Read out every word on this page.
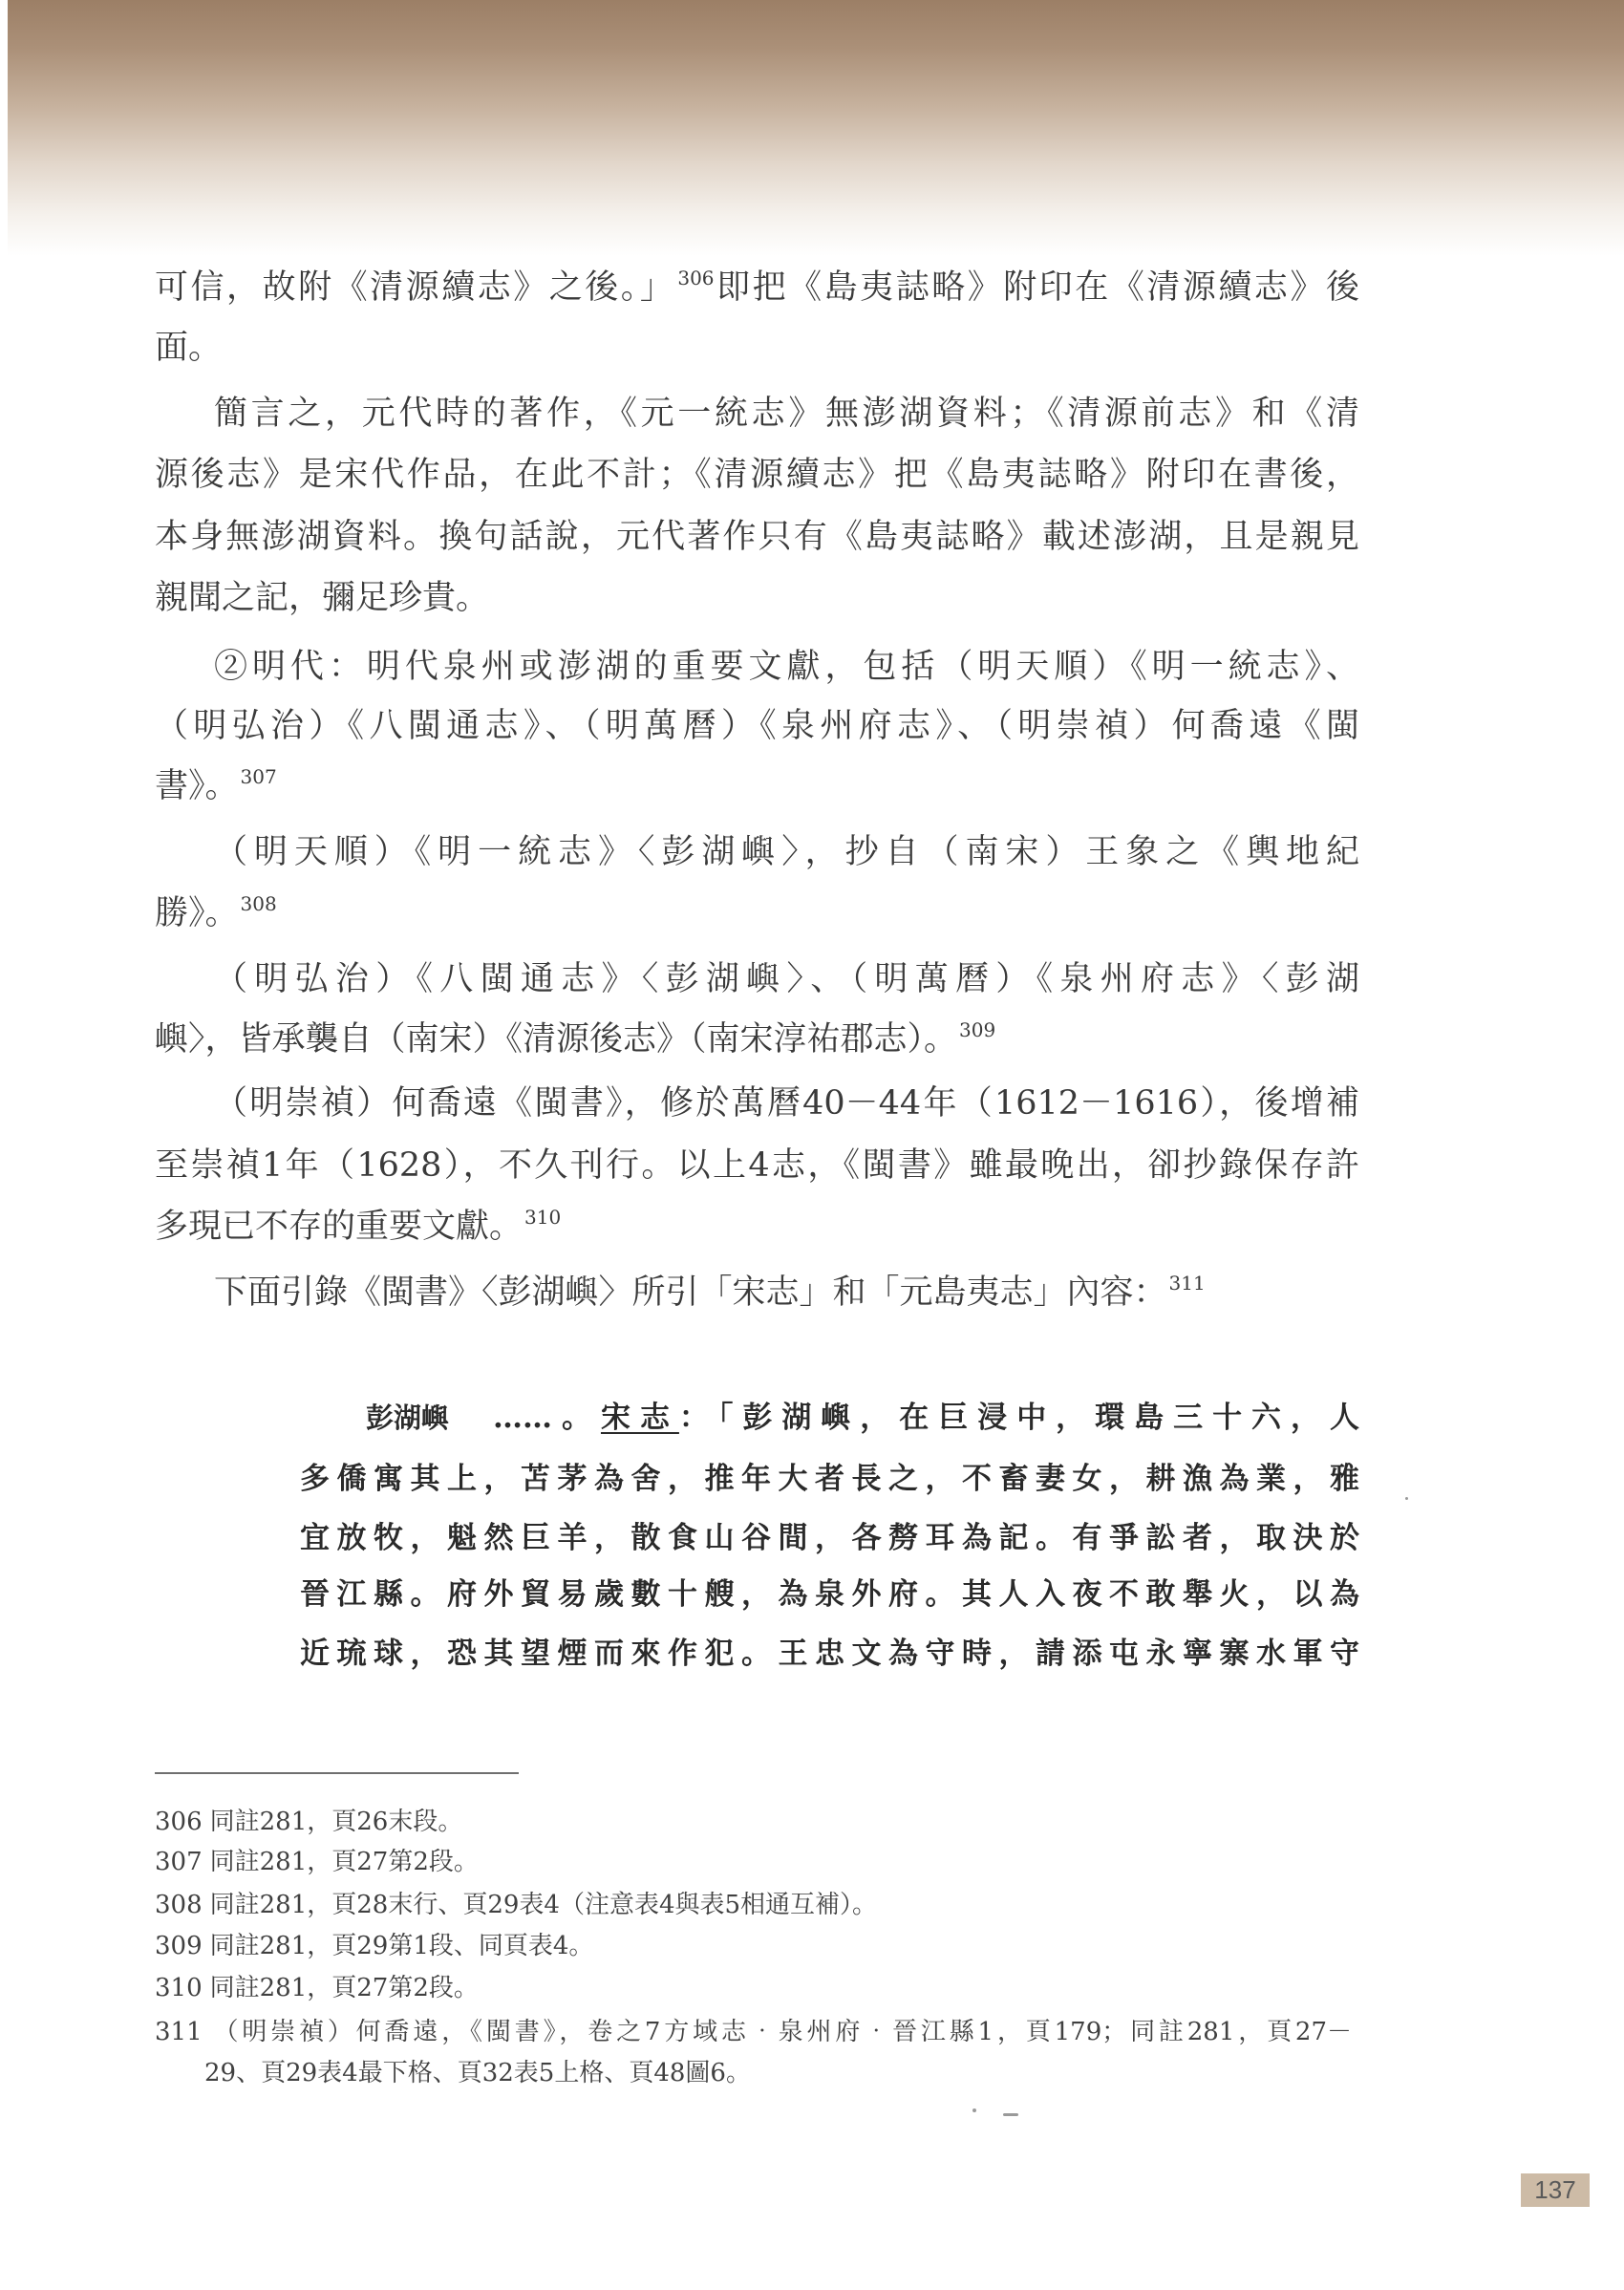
可信，故附《清源續志》之後。」 $^{306}$即把《島夷誌略》附印在《清源續志》後
面。
簡言之，元代時的著作，《元一統志》無澎湖資料；《清源前志》和《清
源後志》是宋代作品，在此不計；《清源續志》把《島夷誌略》附印在書後，
本身無澎湖資料。換句話說，元代著作只有《島夷誌略》載述澎湖，且是親見
親聞之記，彌足珍貴。
②明代：明代泉州或澎湖的重要文獻，包括（明天順）《明一統志》、
（明弘治）《八閩通志》、（明萬曆）《泉州府志》、（明崇禎）何喬遠《閩
書》。 $^{307}$
（明天順）《明一統志》〈彭湖嶼〉，抄自（南宋）王象之《輿地紀
勝》。 $^{308}$
（明弘治）《八閩通志》〈彭湖嶼〉、（明萬曆）《泉州府志》〈彭湖
嶼〉，皆承襲自（南宋）《清源後志》（南宋淳祐郡志）。 $^{309}$
（明崇禎）何喬遠《閩書》，修於萬曆40－44年（1612－1616），後增補
至崇禎1年（1628），不久刊行。以上4志，《閩書》雖最晚出，卻抄錄保存許
多現已不存的重要文獻。 $^{310}$
下面引錄《閩書》〈彭湖嶼〉所引「宋志」和「元島夷志」內容： $^{311}$
彭湖嶼 ……。宋志：「彭湖嶼，在巨浸中，環島三十六，人
多僑寓其上，苫茅為舍，推年大者長之，不畜妻女，耕漁為業，雅
宜放牧，魁然巨羊，散食山谷間，各剺耳為記。有爭訟者，取決於
晉江縣。府外貿易歲數十艘，為泉外府。其人入夜不敢舉火，以為
近琉球，恐其望煙而來作犯。王忠文為守時，請添屯永寧寨水軍守
306 同註281，頁26末段。
307 同註281，頁27第2段。
308 同註281，頁28末行、頁29表4（注意表4與表5相通互補）。
309 同註281，頁29第1段、同頁表4。
310 同註281，頁27第2段。
311 （明崇禎）何喬遠，《閩書》，卷之7方域志‧泉州府‧晉江縣1，頁179；同註281，頁27－
29、頁29表4最下格、頁32表5上格、頁48圖6。
137
